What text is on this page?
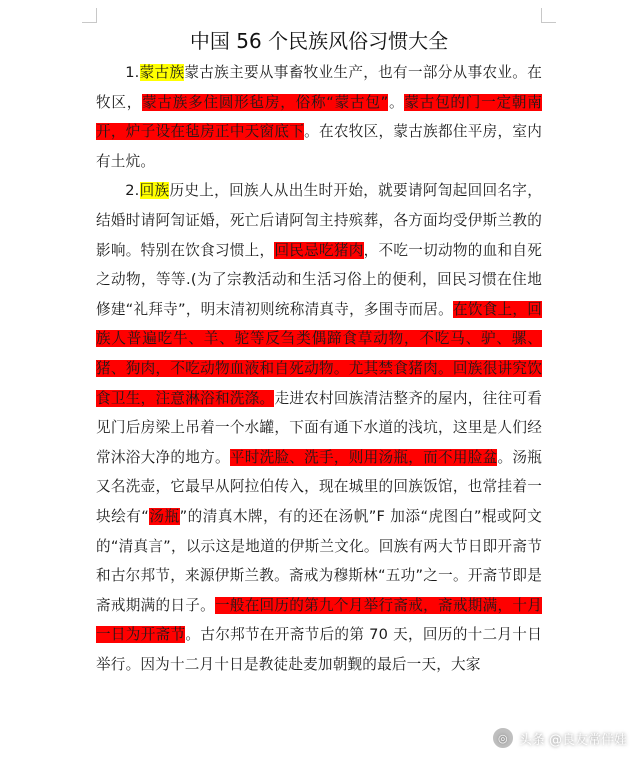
中国 56 个民族风俗习惯大全

1.蒙古族蒙古族主要从事畜牧业生产，也有一部分从事农业。在牧区，蒙古族多住圆形毡房，俗称“蒙古包”。蒙古包的门一定朝南开，炉子设在毡房正中天窗底下。在农牧区，蒙古族都住平房，室内有土炕。

2.回族历史上，回族人从出生时开始，就要请阿訇起回回名字，结婚时请阿訇证婚，死亡后请阿訇主持殡葬，各方面均受伊斯兰教的影响。特别在饮食习惯上，回民忌吃猪肉，不吃一切动物的血和自死之动物，等等.(为了宗教活动和生活习俗上的便利，回民习惯在住地修建“礼拜寺”，明末清初则统称清真寺，多围寺而居。在饮食上，回族人普遍吃牛、羊、驼等反刍类偶蹄食草动物，不吃马、驴、骡、猪、狗肉，不吃动物血液和自死动物。尤其禁食猪肉。回族很讲究饮食卫生，注意淋浴和洗涤。走进农村回族清洁整齐的屋内，往往可看见门后房梁上吊着一个水罐，下面有通下水道的浅坑，这里是人们经常沐浴大净的地方。平时洗脸、洗手，则用汤瓶，而不用脸盆。汤瓶又名洗壶，它最早从阿拉伯传入，现在城里的回族饭馆，也常挂着一块绘有“汤瓶”的清真木牌，有的还在汤帆”F 加添“虎图白”棍或阿文的“清真言”，以示这是地道的伊斯兰文化。回族有两大节日即开斋节和古尔邦节，来源伊斯兰教。斋戒为穆斯林“五功”之一。开斋节即是斋戒期满的日子。一般在回历的第九个月举行斋戒，斋戒期满，十月一日为开斋节。古尔邦节在开斋节后的第 70 天，回历的十二月十日举行。因为十二月十日是教徒赴麦加朝觐的最后一天，大家

◎ 头条 @良友常伴娃
